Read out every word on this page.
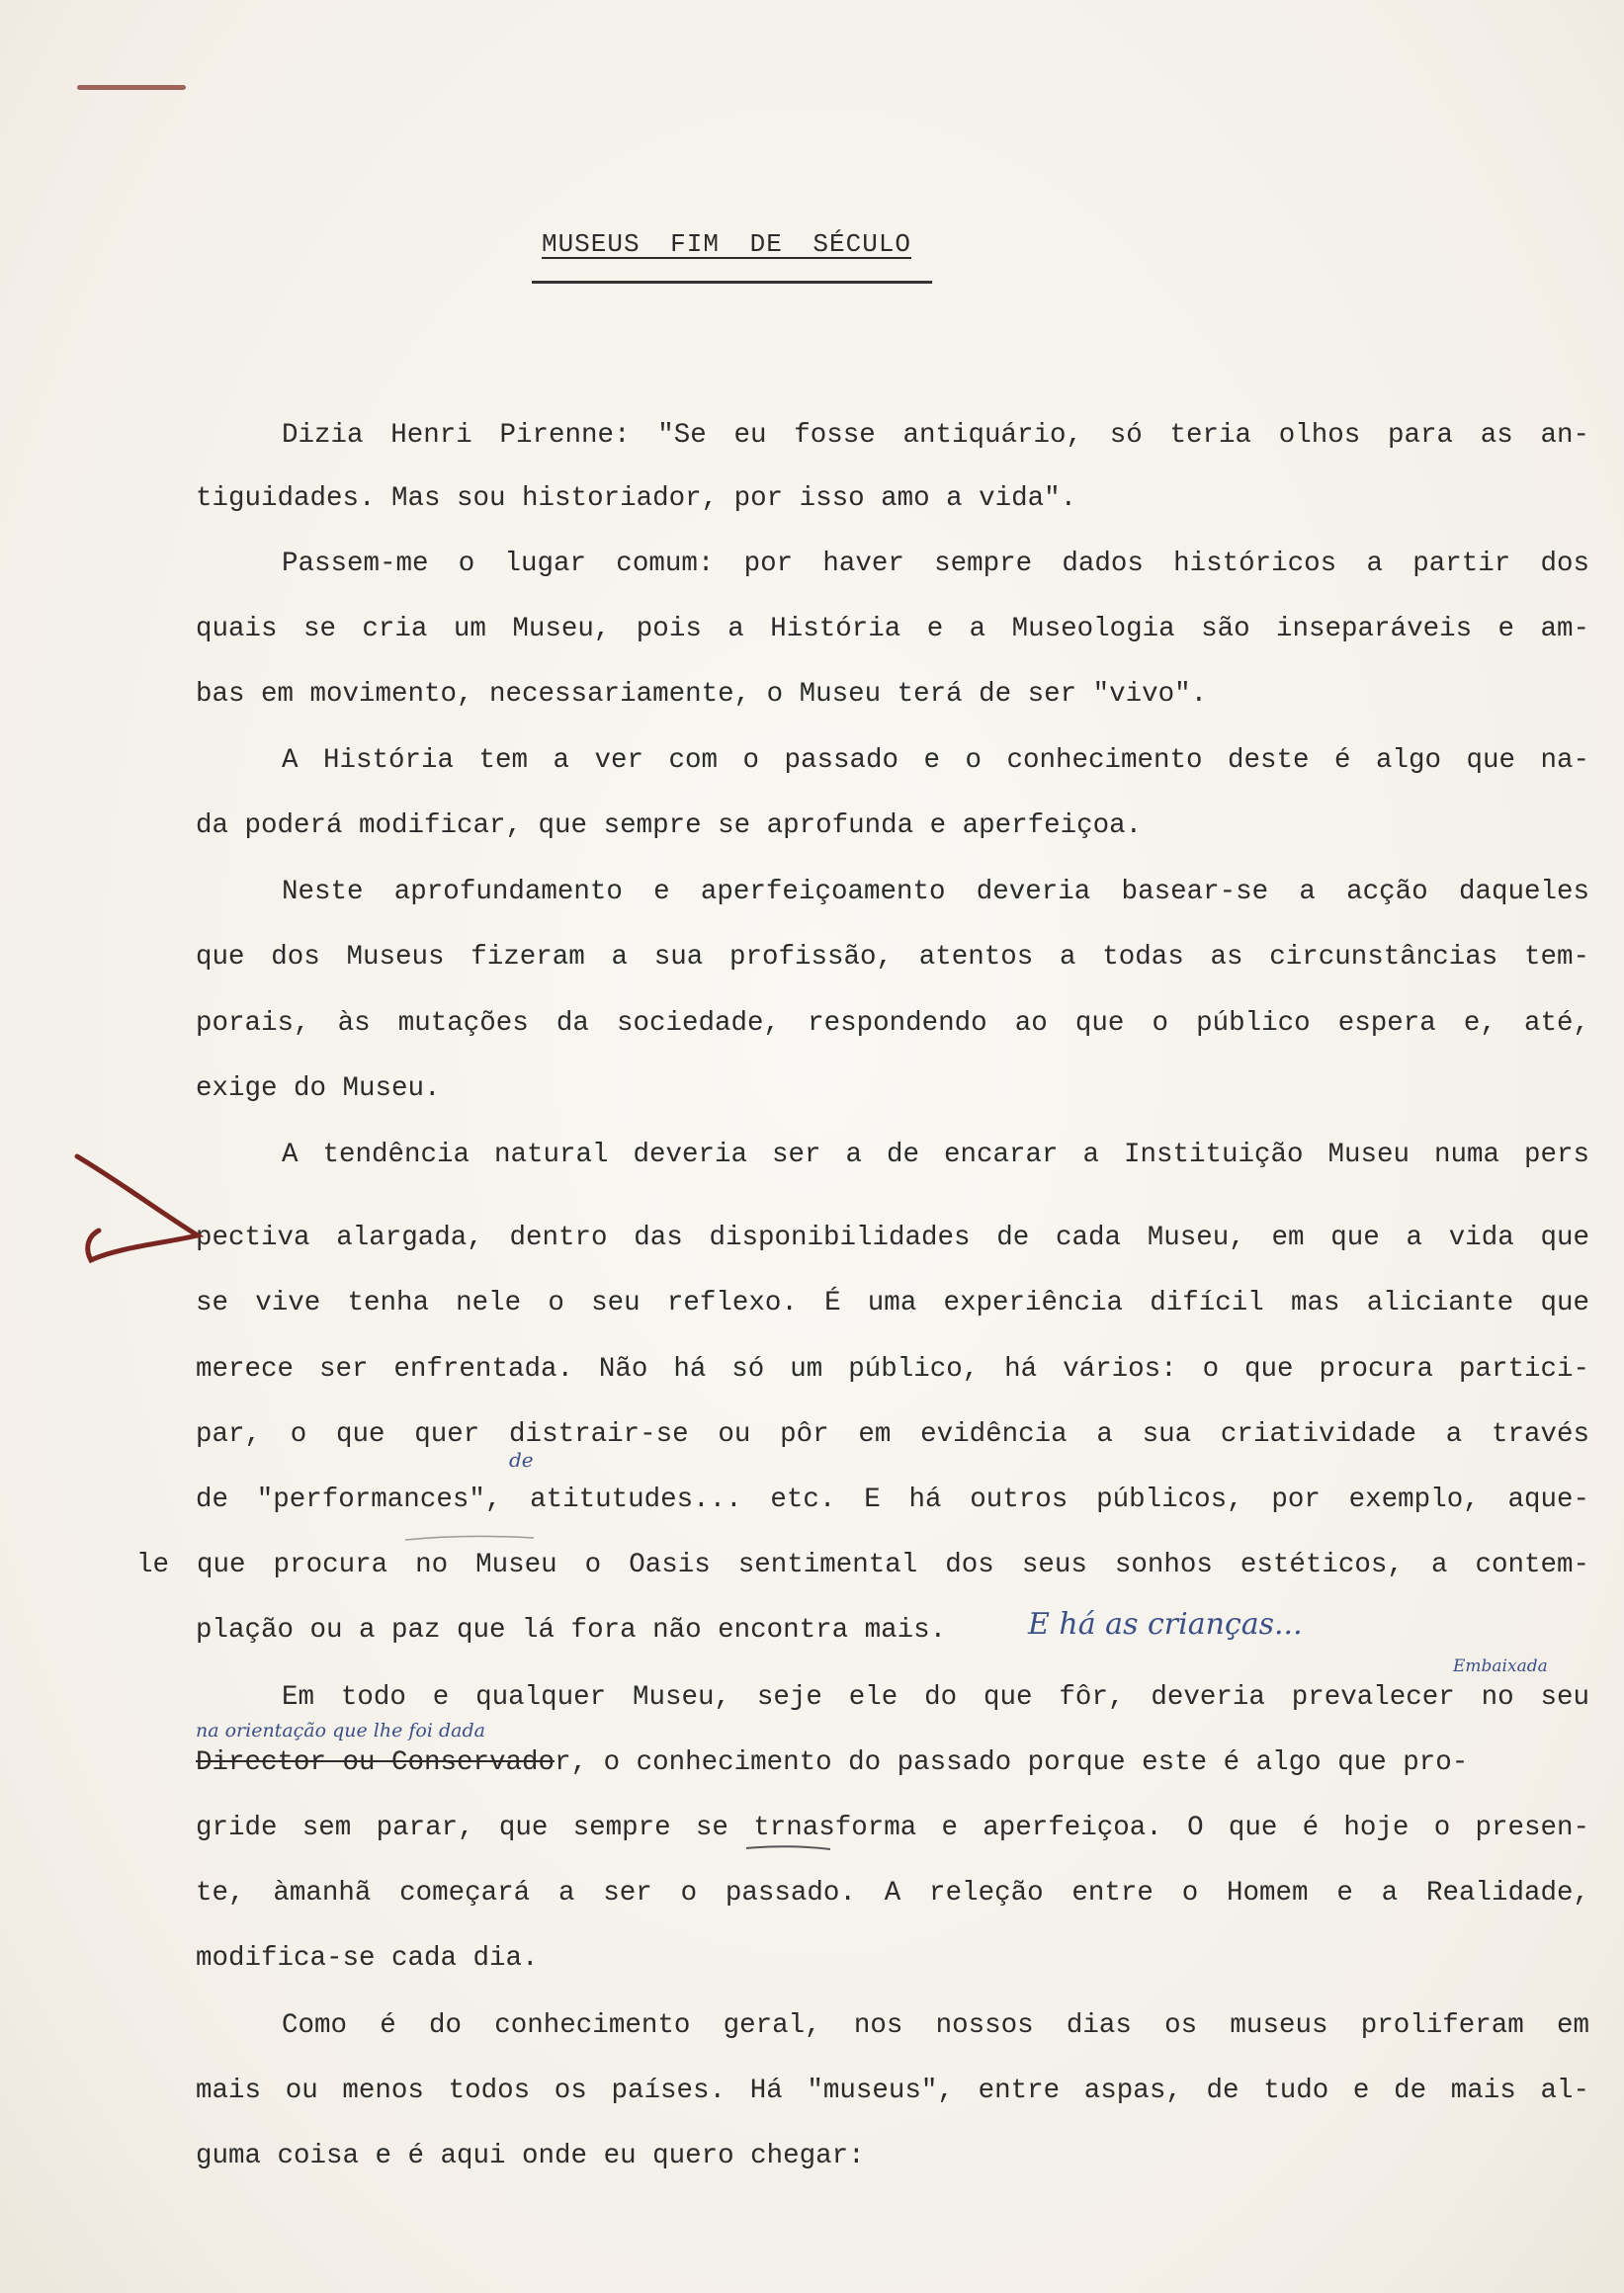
MUSEUS FIM DE SÉCULO
Dizia Henri Pirenne: "Se eu fosse antiquário, só teria olhos para as an-
tiguidades. Mas sou historiador, por isso amo a vida".
Passem-me o lugar comum: por haver sempre dados históricos a partir dos
quais se cria um Museu, pois a História e a Museologia são inseparáveis e am-
bas em movimento, necessariamente, o Museu terá de ser "vivo".
A História tem a ver com o passado e o conhecimento deste é algo que na-
da poderá modificar, que sempre se aprofunda e aperfeiçoa.
Neste aprofundamento e aperfeiçoamento deveria basear-se a acção daqueles
que dos Museus fizeram a sua profissão, atentos a todas as circunstâncias tem-
porais, às mutações da sociedade, respondendo ao que o público espera e, até,
exige do Museu.
A tendência natural deveria ser a de encarar a Instituição Museu numa pers
pectiva alargada, dentro das disponibilidades de cada Museu, em que a vida que
se vive tenha nele o seu reflexo. É uma experiência difícil mas aliciante que
merece ser enfrentada. Não há só um público, há vários: o que procura partici-
par, o que quer distrair-se ou pôr em evidência a sua criatividade a través
de "performances", atitutudes... etc. E há outros públicos, por exemplo, aque-
le que procura no Museu o Oasis sentimental dos seus sonhos estéticos, a contem-
plação ou a paz que lá fora não encontra mais.	E há as crianças...
Em todo e qualquer Museu, seje ele do que fôr, deveria prevalecer no seu
Embaixada
na orientação que lhe foi dada
Director ou Conservador, o conhecimento do passado porque este é algo que pro-
gride sem parar, que sempre se trnasforma e aperfeiçoa. O que é hoje o presen-
te, àmanhã começará a ser o passado. A releção entre o Homem e a Realidade,
modifica-se cada dia.
Como é do conhecimento geral, nos nossos dias os museus proliferam em
mais ou menos todos os países. Há "museus", entre aspas, de tudo e de mais al-
guma coisa e é aqui onde eu quero chegar:
de
